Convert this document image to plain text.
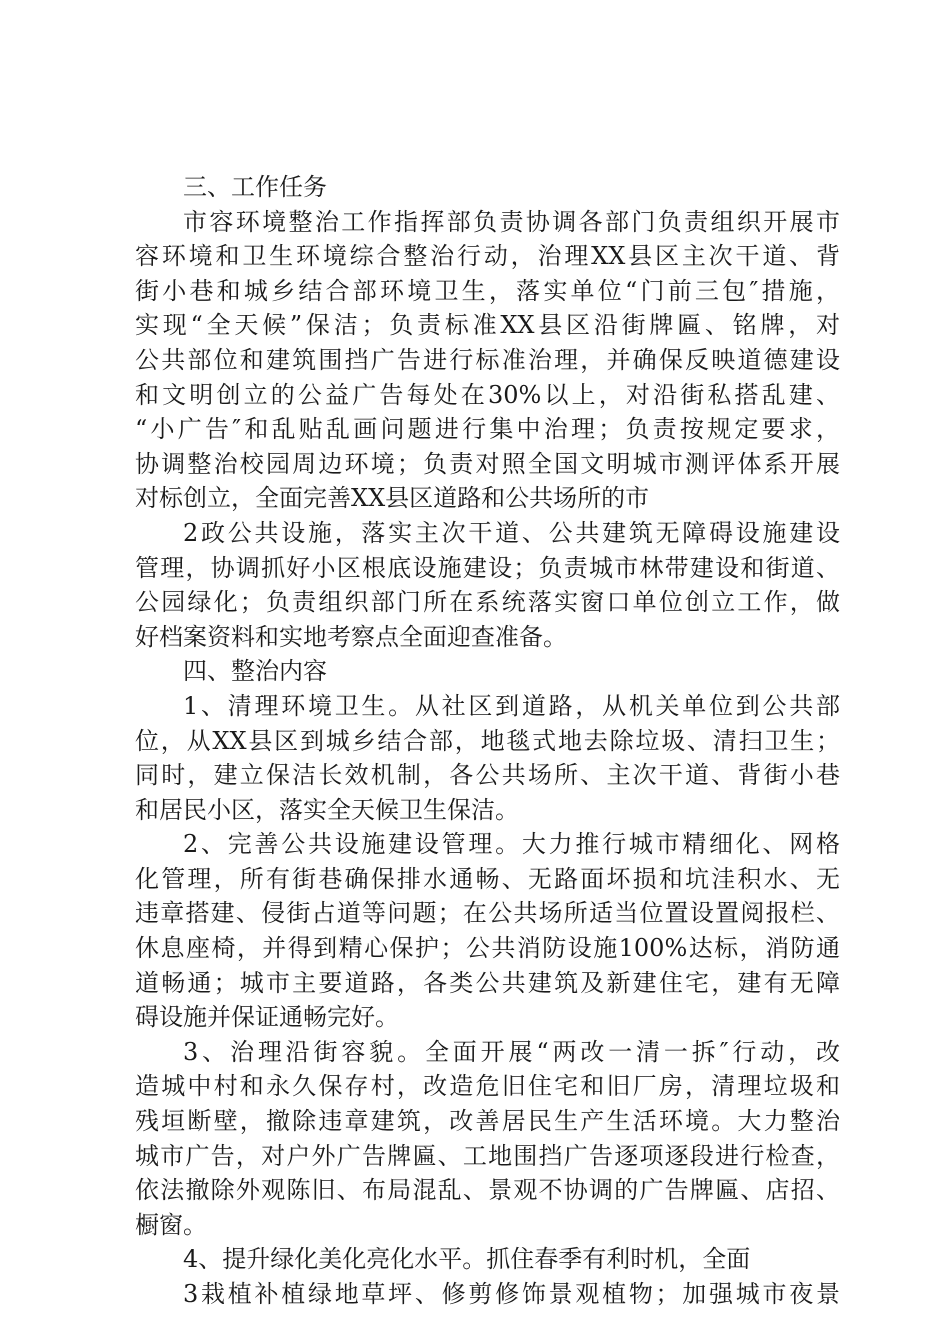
三、工作任务
市容环境整治工作指挥部负责协调各部门负责组织开展市
容环境和卫生环境综合整治行动，治理XX县区主次干道、背
街小巷和城乡结合部环境卫生，落实单位“门前三包″措施，
实现“全天候”保洁；负责标准XX县区沿街牌匾、铭牌，对
公共部位和建筑围挡广告进行标准治理，并确保反映道德建设
和文明创立的公益广告每处在30%以上，对沿街私搭乱建、
“小广告″和乱贴乱画问题进行集中治理；负责按规定要求，
协调整治校园周边环境；负责对照全国文明城市测评体系开展
对标创立，全面完善XX县区道路和公共场所的市
2政公共设施，落实主次干道、公共建筑无障碍设施建设
管理，协调抓好小区根底设施建设；负责城市林带建设和街道、
公园绿化；负责组织部门所在系统落实窗口单位创立工作，做
好档案资料和实地考察点全面迎查准备。
四、整治内容
1、清理环境卫生。从社区到道路，从机关单位到公共部
位，从XX县区到城乡结合部，地毯式地去除垃圾、清扫卫生；
同时，建立保洁长效机制，各公共场所、主次干道、背街小巷
和居民小区，落实全天候卫生保洁。
2、完善公共设施建设管理。大力推行城市精细化、网格
化管理，所有街巷确保排水通畅、无路面坏损和坑洼积水、无
违章搭建、侵街占道等问题；在公共场所适当位置设置阅报栏、
休息座椅，并得到精心保护；公共消防设施100%达标，消防通
道畅通；城市主要道路，各类公共建筑及新建住宅，建有无障
碍设施并保证通畅完好。
3、治理沿街容貌。全面开展“两改一清一拆″行动，改
造城中村和永久保存村，改造危旧住宅和旧厂房，清理垃圾和
残垣断壁，撤除违章建筑，改善居民生产生活环境。大力整治
城市广告，对户外广告牌匾、工地围挡广告逐项逐段进行检查，
依法撤除外观陈旧、布局混乱、景观不协调的广告牌匾、店招、
橱窗。
4、提升绿化美化亮化水平。抓住春季有利时机，全面
3栽植补植绿地草坪、修剪修饰景观植物；加强城市夜景
